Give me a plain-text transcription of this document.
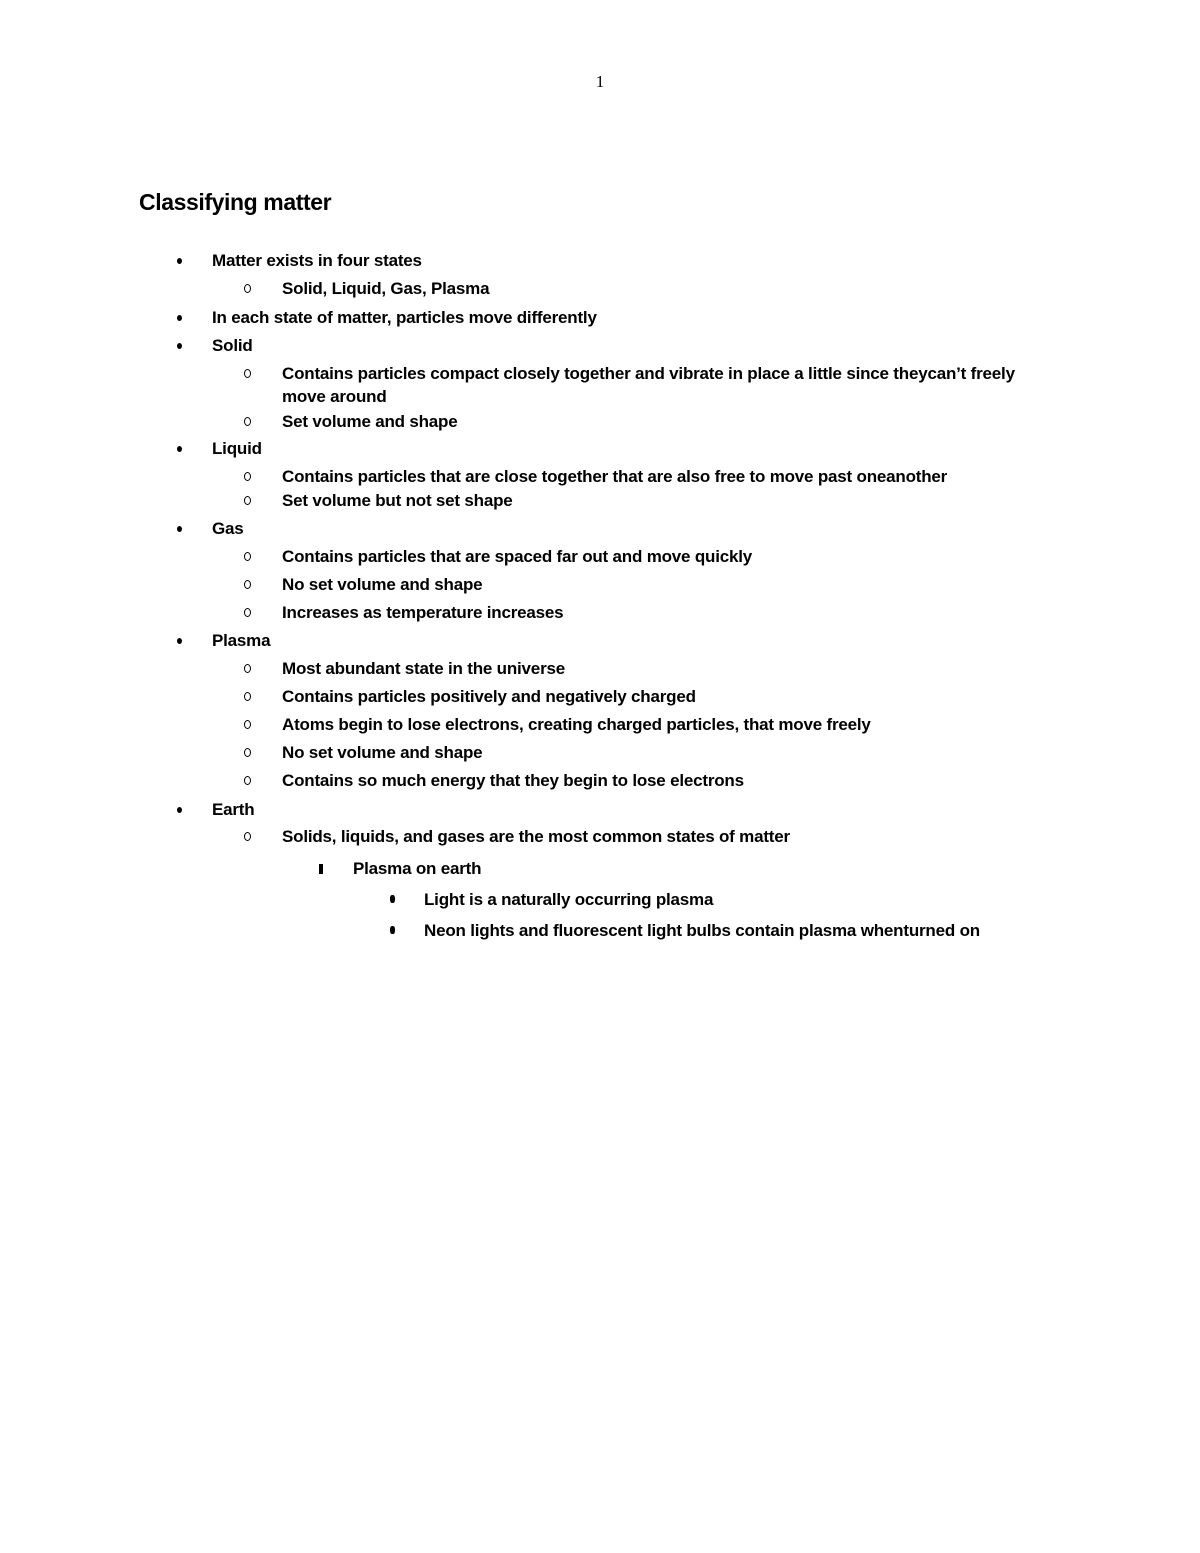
1
Classifying matter
Matter exists in four states
Solid, Liquid, Gas, Plasma
In each state of matter, particles move differently
Solid
Contains particles compact closely together and vibrate in place a little since theycan’t freely move around
Set volume and shape
Liquid
Contains particles that are close together that are also free to move past oneanother
Set volume but not set shape
Gas
Contains particles that are spaced far out and move quickly
No set volume and shape
Increases as temperature increases
Plasma
Most abundant state in the universe
Contains particles positively and negatively charged
Atoms begin to lose electrons, creating charged particles, that move freely
No set volume and shape
Contains so much energy that they begin to lose electrons
Earth
Solids, liquids, and gases are the most common states of matter
Plasma on earth
Light is a naturally occurring plasma
Neon lights and fluorescent light bulbs contain plasma whenturned on
